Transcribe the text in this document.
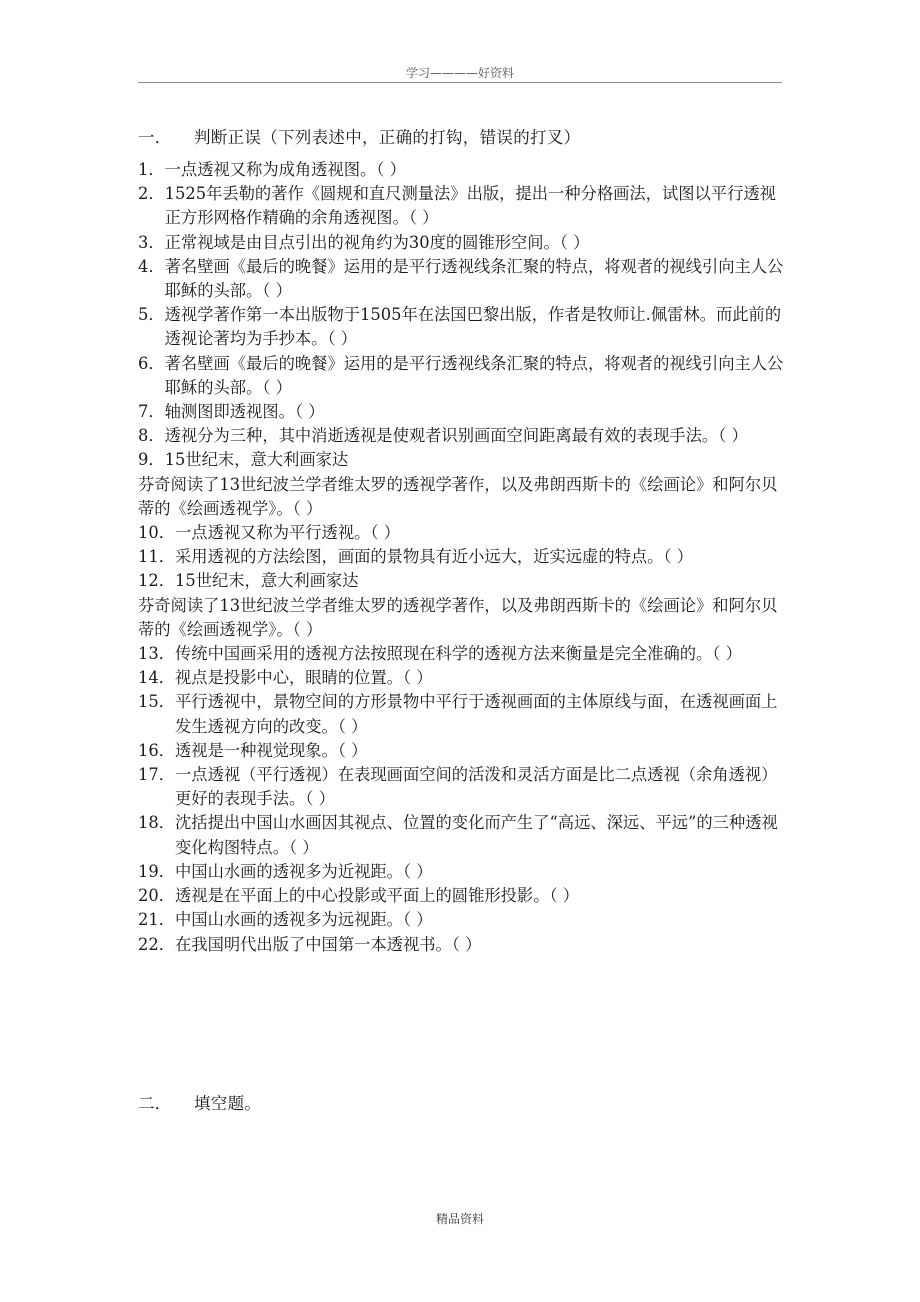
学习————好资料
一． 判断正误（下列表述中，正确的打钩，错误的打叉）
1． 一点透视又称为成角透视图。（ ）
2． 1525年丢勒的著作《圆规和直尺测量法》出版，提出一种分格画法，试图以平行透视正方形网格作精确的余角透视图。（ ）
3． 正常视域是由目点引出的视角约为30度的圆锥形空间。（ ）
4． 著名壁画《最后的晚餐》运用的是平行透视线条汇聚的特点，将观者的视线引向主人公耶稣的头部。（ ）
5． 透视学著作第一本出版物于1505年在法国巴黎出版，作者是牧师让.佩雷林。而此前的透视论著均为手抄本。（ ）
6． 著名壁画《最后的晚餐》运用的是平行透视线条汇聚的特点，将观者的视线引向主人公耶稣的头部。（ ）
7． 轴测图即透视图。（ ）
8． 透视分为三种，其中消逝透视是使观者识别画面空间距离最有效的表现手法。（ ）
9． 15世纪末，意大利画家达
芬奇阅读了13世纪波兰学者维太罗的透视学著作，以及弗朗西斯卡的《绘画论》和阿尔贝蒂的《绘画透视学》。（ ）
10． 一点透视又称为平行透视。（ ）
11． 采用透视的方法绘图，画面的景物具有近小远大，近实远虚的特点。（ ）
12． 15世纪末，意大利画家达
芬奇阅读了13世纪波兰学者维太罗的透视学著作，以及弗朗西斯卡的《绘画论》和阿尔贝蒂的《绘画透视学》。（ ）
13． 传统中国画采用的透视方法按照现在科学的透视方法来衡量是完全准确的。（ ）
14． 视点是投影中心，眼睛的位置。（ ）
15． 平行透视中，景物空间的方形景物中平行于透视画面的主体原线与面，在透视画面上发生透视方向的改变。（ ）
16． 透视是一种视觉现象。（ ）
17． 一点透视（平行透视）在表现画面空间的活泼和灵活方面是比二点透视（余角透视）更好的表现手法。（ ）
18． 沈括提出中国山水画因其视点、位置的变化而产生了“高远、深远、平远”的三种透视变化构图特点。（ ）
19． 中国山水画的透视多为近视距。（ ）
20． 透视是在平面上的中心投影或平面上的圆锥形投影。（ ）
21． 中国山水画的透视多为远视距。（ ）
22． 在我国明代出版了中国第一本透视书。（ ）
二． 填空题。
精品资料
